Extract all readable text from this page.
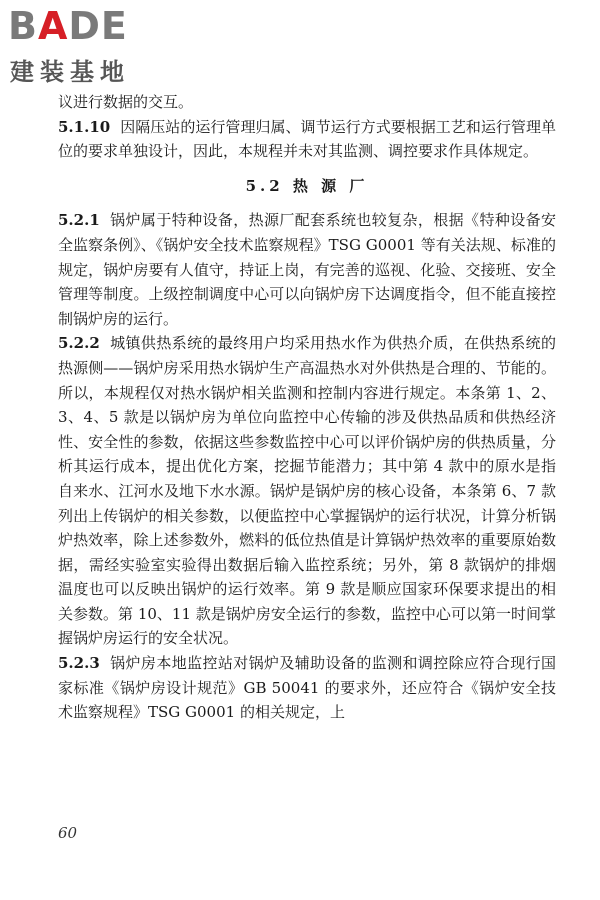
BADE
建装基地

议进行数据的交互。

5.1.10 因隔压站的运行管理归属、调节运行方式要根据工艺和运行管理单位的要求单独设计，因此，本规程并未对其监测、调控要求作具体规定。

5.2 热 源 厂

5.2.1 锅炉属于特种设备，热源厂配套系统也较复杂，根据《特种设备安全监察条例》、《锅炉安全技术监察规程》TSG G0001 等有关法规、标准的规定，锅炉房要有人值守，持证上岗，有完善的巡视、化验、交接班、安全管理等制度。上级控制调度中心可以向锅炉房下达调度指令，但不能直接控制锅炉房的运行。

5.2.2 城镇供热系统的最终用户均采用热水作为供热介质，在供热系统的热源侧——锅炉房采用热水锅炉生产高温热水对外供热是合理的、节能的。所以，本规程仅对热水锅炉相关监测和控制内容进行规定。本条第 1、2、3、4、5 款是以锅炉房为单位向监控中心传输的涉及供热品质和供热经济性、安全性的参数，依据这些参数监控中心可以评价锅炉房的供热质量，分析其运行成本，提出优化方案，挖掘节能潜力；其中第 4 款中的原水是指自来水、江河水及地下水水源。锅炉是锅炉房的核心设备，本条第 6、7 款列出上传锅炉的相关参数，以便监控中心掌握锅炉的运行状况，计算分析锅炉热效率，除上述参数外，燃料的低位热值是计算锅炉热效率的重要原始数据，需经实验室实验得出数据后输入监控系统；另外，第 8 款锅炉的排烟温度也可以反映出锅炉的运行效率。第 9 款是顺应国家环保要求提出的相关参数。第 10、11 款是锅炉房安全运行的参数，监控中心可以第一时间掌握锅炉房运行的安全状况。

5.2.3 锅炉房本地监控站对锅炉及辅助设备的监测和调控除应符合现行国家标准《锅炉房设计规范》GB 50041 的要求外，还应符合《锅炉安全技术监察规程》TSG G0001 的相关规定，上

60
